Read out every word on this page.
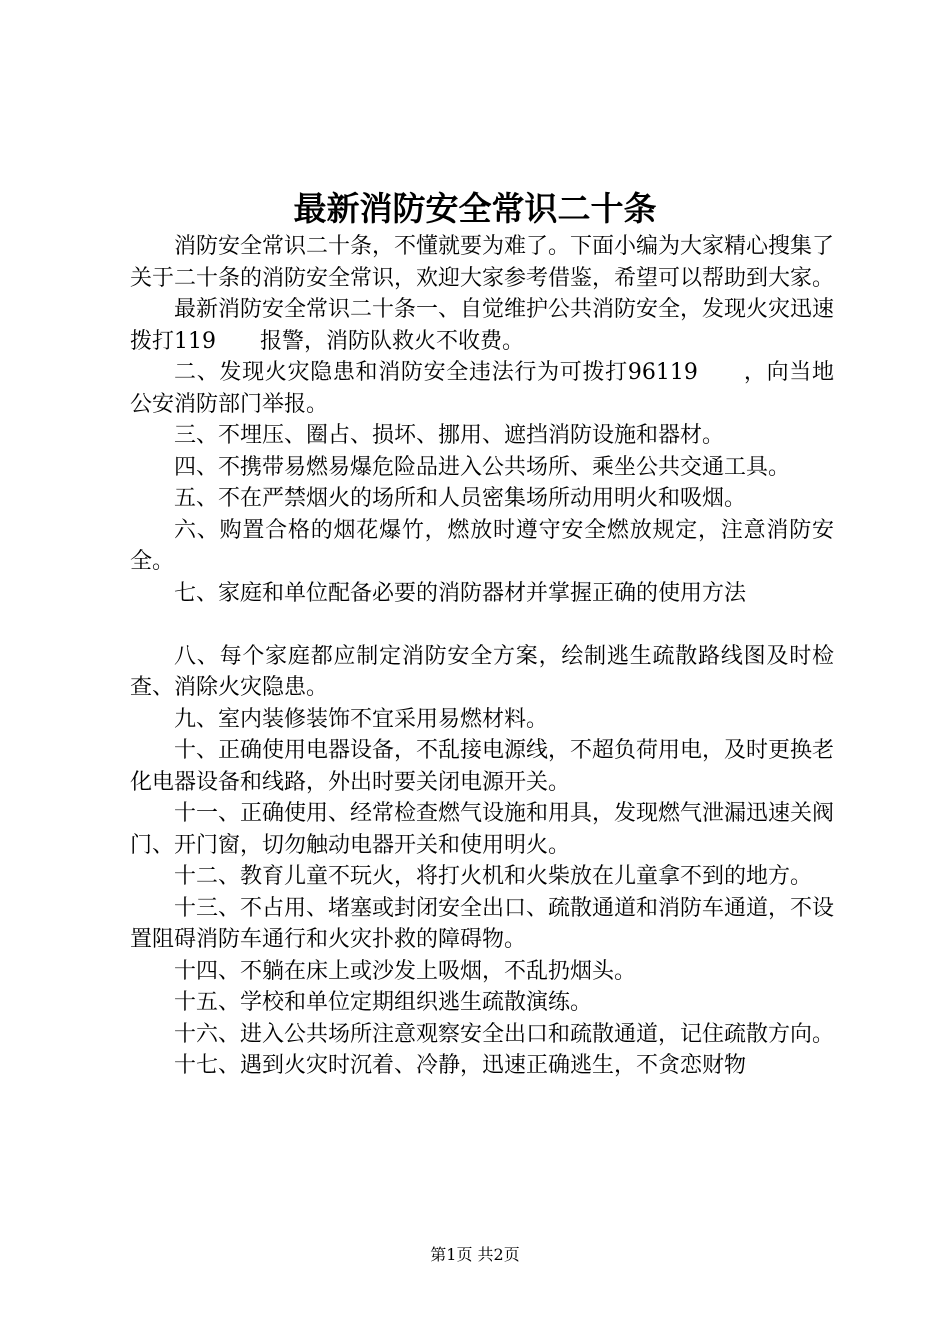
最新消防安全常识二十条

消防安全常识二十条，不懂就要为难了。下面小编为大家精心搜集了关于二十条的消防安全常识，欢迎大家参考借鉴，希望可以帮助到大家。

最新消防安全常识二十条一、自觉维护公共消防安全，发现火灾迅速拨打119　　报警，消防队救火不收费。

二、发现火灾隐患和消防安全违法行为可拨打96119　　，向当地公安消防部门举报。

三、不埋压、圈占、损坏、挪用、遮挡消防设施和器材。

四、不携带易燃易爆危险品进入公共场所、乘坐公共交通工具。

五、不在严禁烟火的场所和人员密集场所动用明火和吸烟。

六、购置合格的烟花爆竹，燃放时遵守安全燃放规定，注意消防安全。

七、家庭和单位配备必要的消防器材并掌握正确的使用方法

八、每个家庭都应制定消防安全方案，绘制逃生疏散路线图及时检查、消除火灾隐患。

九、室内装修装饰不宜采用易燃材料。

十、正确使用电器设备，不乱接电源线，不超负荷用电，及时更换老化电器设备和线路，外出时要关闭电源开关。

十一、正确使用、经常检查燃气设施和用具，发现燃气泄漏迅速关阀门、开门窗，切勿触动电器开关和使用明火。

十二、教育儿童不玩火，将打火机和火柴放在儿童拿不到的地方。

十三、不占用、堵塞或封闭安全出口、疏散通道和消防车通道，不设置阻碍消防车通行和火灾扑救的障碍物。

十四、不躺在床上或沙发上吸烟，不乱扔烟头。

十五、学校和单位定期组织逃生疏散演练。

十六、进入公共场所注意观察安全出口和疏散通道，记住疏散方向。

十七、遇到火灾时沉着、冷静，迅速正确逃生，不贪恋财物

第1页 共2页
